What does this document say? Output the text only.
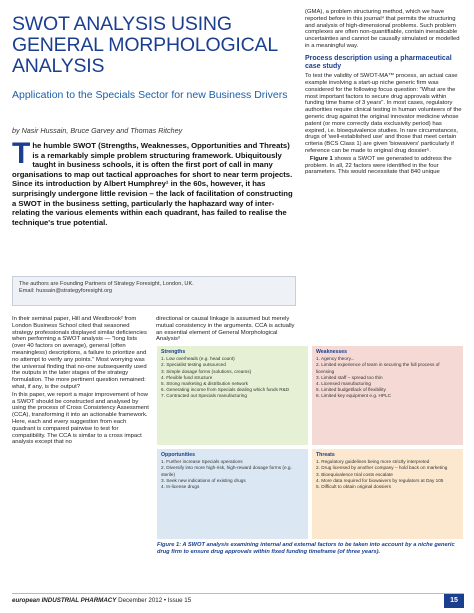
SWOT ANALYSIS USING GENERAL MORPHOLOGICAL ANALYSIS
Application to the Specials Sector for new Business Drivers
by Nasir Hussain, Bruce Garvey and Thomas Ritchey
The humble SWOT (Strengths, Weaknesses, Opportunities and Threats) is a remarkably simple problem structuring framework. Ubiquitously taught in business schools, it is often the first port of call in many organisations to map out tactical approaches for short to near term projects. Since its introduction by Albert Humphrey¹ in the 60s, however, it has surprisingly undergone little revision – the lack of facilitation of constructing a SWOT in the business setting, particularly the haphazard way of inter-relating the various elements within each quadrant, has failed to realise the technique's true potential.
The authors are Founding Partners of Strategy Foresight, London, UK.
Email: hussain@strategyforesight.org

In their seminal paper, Hill and Westbrook² from London Business School cited that seasoned strategy professionals displayed similar deficiencies when performing a SWOT analysis — "long lists (over 40 factors on average), general (often meaningless) descriptions, a failure to prioritize and no attempt to verify any points." Most worrying was the universal finding that no-one subsequently used the outputs in the later stages of the strategy formulation. The more pertinent question remained: what, if any, is the output?

In this paper, we report a major improvement of how a SWOT should be constructed and analysed by using the process of Cross Consistency Assessment (CCA), transforming it into an actionable framework. Here, each and every suggestion from each quadrant is compared pairwise to test for compatibility. The CCA is similar to a cross impact analysis except that no

directional or causal linkage is assumed but merely mutual consistency in the arguments. CCA is actually an essential element of General Morphological Analysis³

(GMA), a problem structuring method, which we have reported before in this journal⁴ that permits the structuring and analysis of high-dimensional problems. Such problem complexes are often non-quantifiable, contain ineradicable uncertainties and cannot be causally simulated or modelled in a meaningful way.

Process description using a pharmaceutical case study

To test the validity of SWOT-MA™ process, an actual case example involving a start-up niche generic firm was considered for the following focus question: "What are the most important factors to secure drug approvals within funding time frame of 3 years". In most cases, regulatory authorities require clinical testing in human volunteers of the generic drug against the original innovator medicine whose patent (or more correctly data exclusivity period) has expired, i.e. bioequivalence studies. In rare circumstances, drugs of 'well-established use' and those that meet certain criteria (BCS Class 1) are given 'biowaivers' particularly if reference can be made to original drug dossier⁵.

Figure 1 shows a SWOT we generated to address the problem. In all, 22 factors were identified in the four parameters. This would necessitate that 840 unique

Strengths
1. Low overheads (e.g. head count)
2. Specialist testing outsourced
3. Simple dosage forms (solutions, creams)
4. Flexible fund structure
5. Strong marketing & distribution network
6. Generating income from Specials dealing which funds R&D
7. Contracted out Specials manufacturing
Weaknesses
1. Agency theory...
2. Limited experience of team in securing the full process of licensing
3. Limited staff – spread too thin
4. Licensed manufacturing
5. Limited budget/lack of flexibility
6. Limited key equipment e.g. HPLC
Opportunities
1. Further increase Specials operations
2. Diversify into more high-risk, high-reward dosage forms (e.g. sterile)
3. Seek new indications of existing drugs
4. In-license drugs
Threats
1. Regulatory guidelines being more strictly interpreted
2. Drug licensed by another company – hold back on marketing
3. Bioequivalence trial costs escalate
4. More data required for biowaivers by regulators at Day 105
5. Difficult to obtain original dossiers
Figure 1: A SWOT analysis examining internal and external factors to be taken into account by a niche generic drug firm to ensure drug approvals within fixed funding timeframe (of three years).
european INDUSTRIAL PHARMACY December 2012 • Issue 15	15
